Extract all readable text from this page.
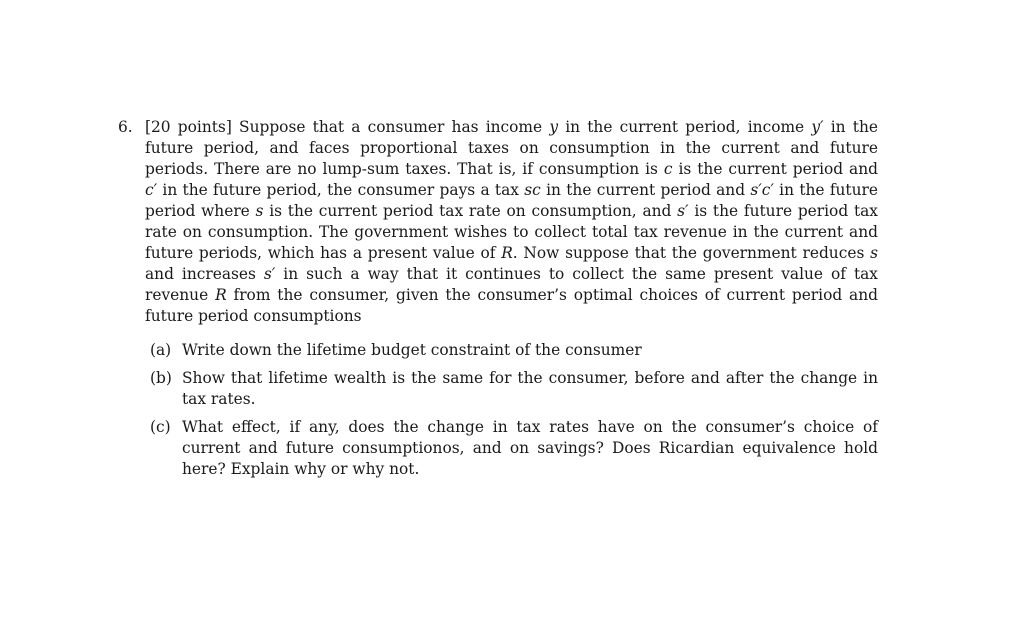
6. [20 points] Suppose that a consumer has income y in the current period, income y′ in the future period, and faces proportional taxes on consumption in the current and future periods. There are no lump-sum taxes. That is, if consumption is c is the current period and c′ in the future period, the consumer pays a tax sc in the current period and s′c′ in the future period where s is the current period tax rate on consumption, and s′ is the future period tax rate on consumption. The government wishes to collect total tax revenue in the current and future periods, which has a present value of R. Now suppose that the government reduces s and increases s′ in such a way that it continues to collect the same present value of tax revenue R from the consumer, given the consumer’s optimal choices of current period and future period consumptions
(a) Write down the lifetime budget constraint of the consumer
(b) Show that lifetime wealth is the same for the consumer, before and after the change in tax rates.
(c) What effect, if any, does the change in tax rates have on the consumer’s choice of current and future consumptionos, and on savings? Does Ricardian equivalence hold here? Explain why or why not.
